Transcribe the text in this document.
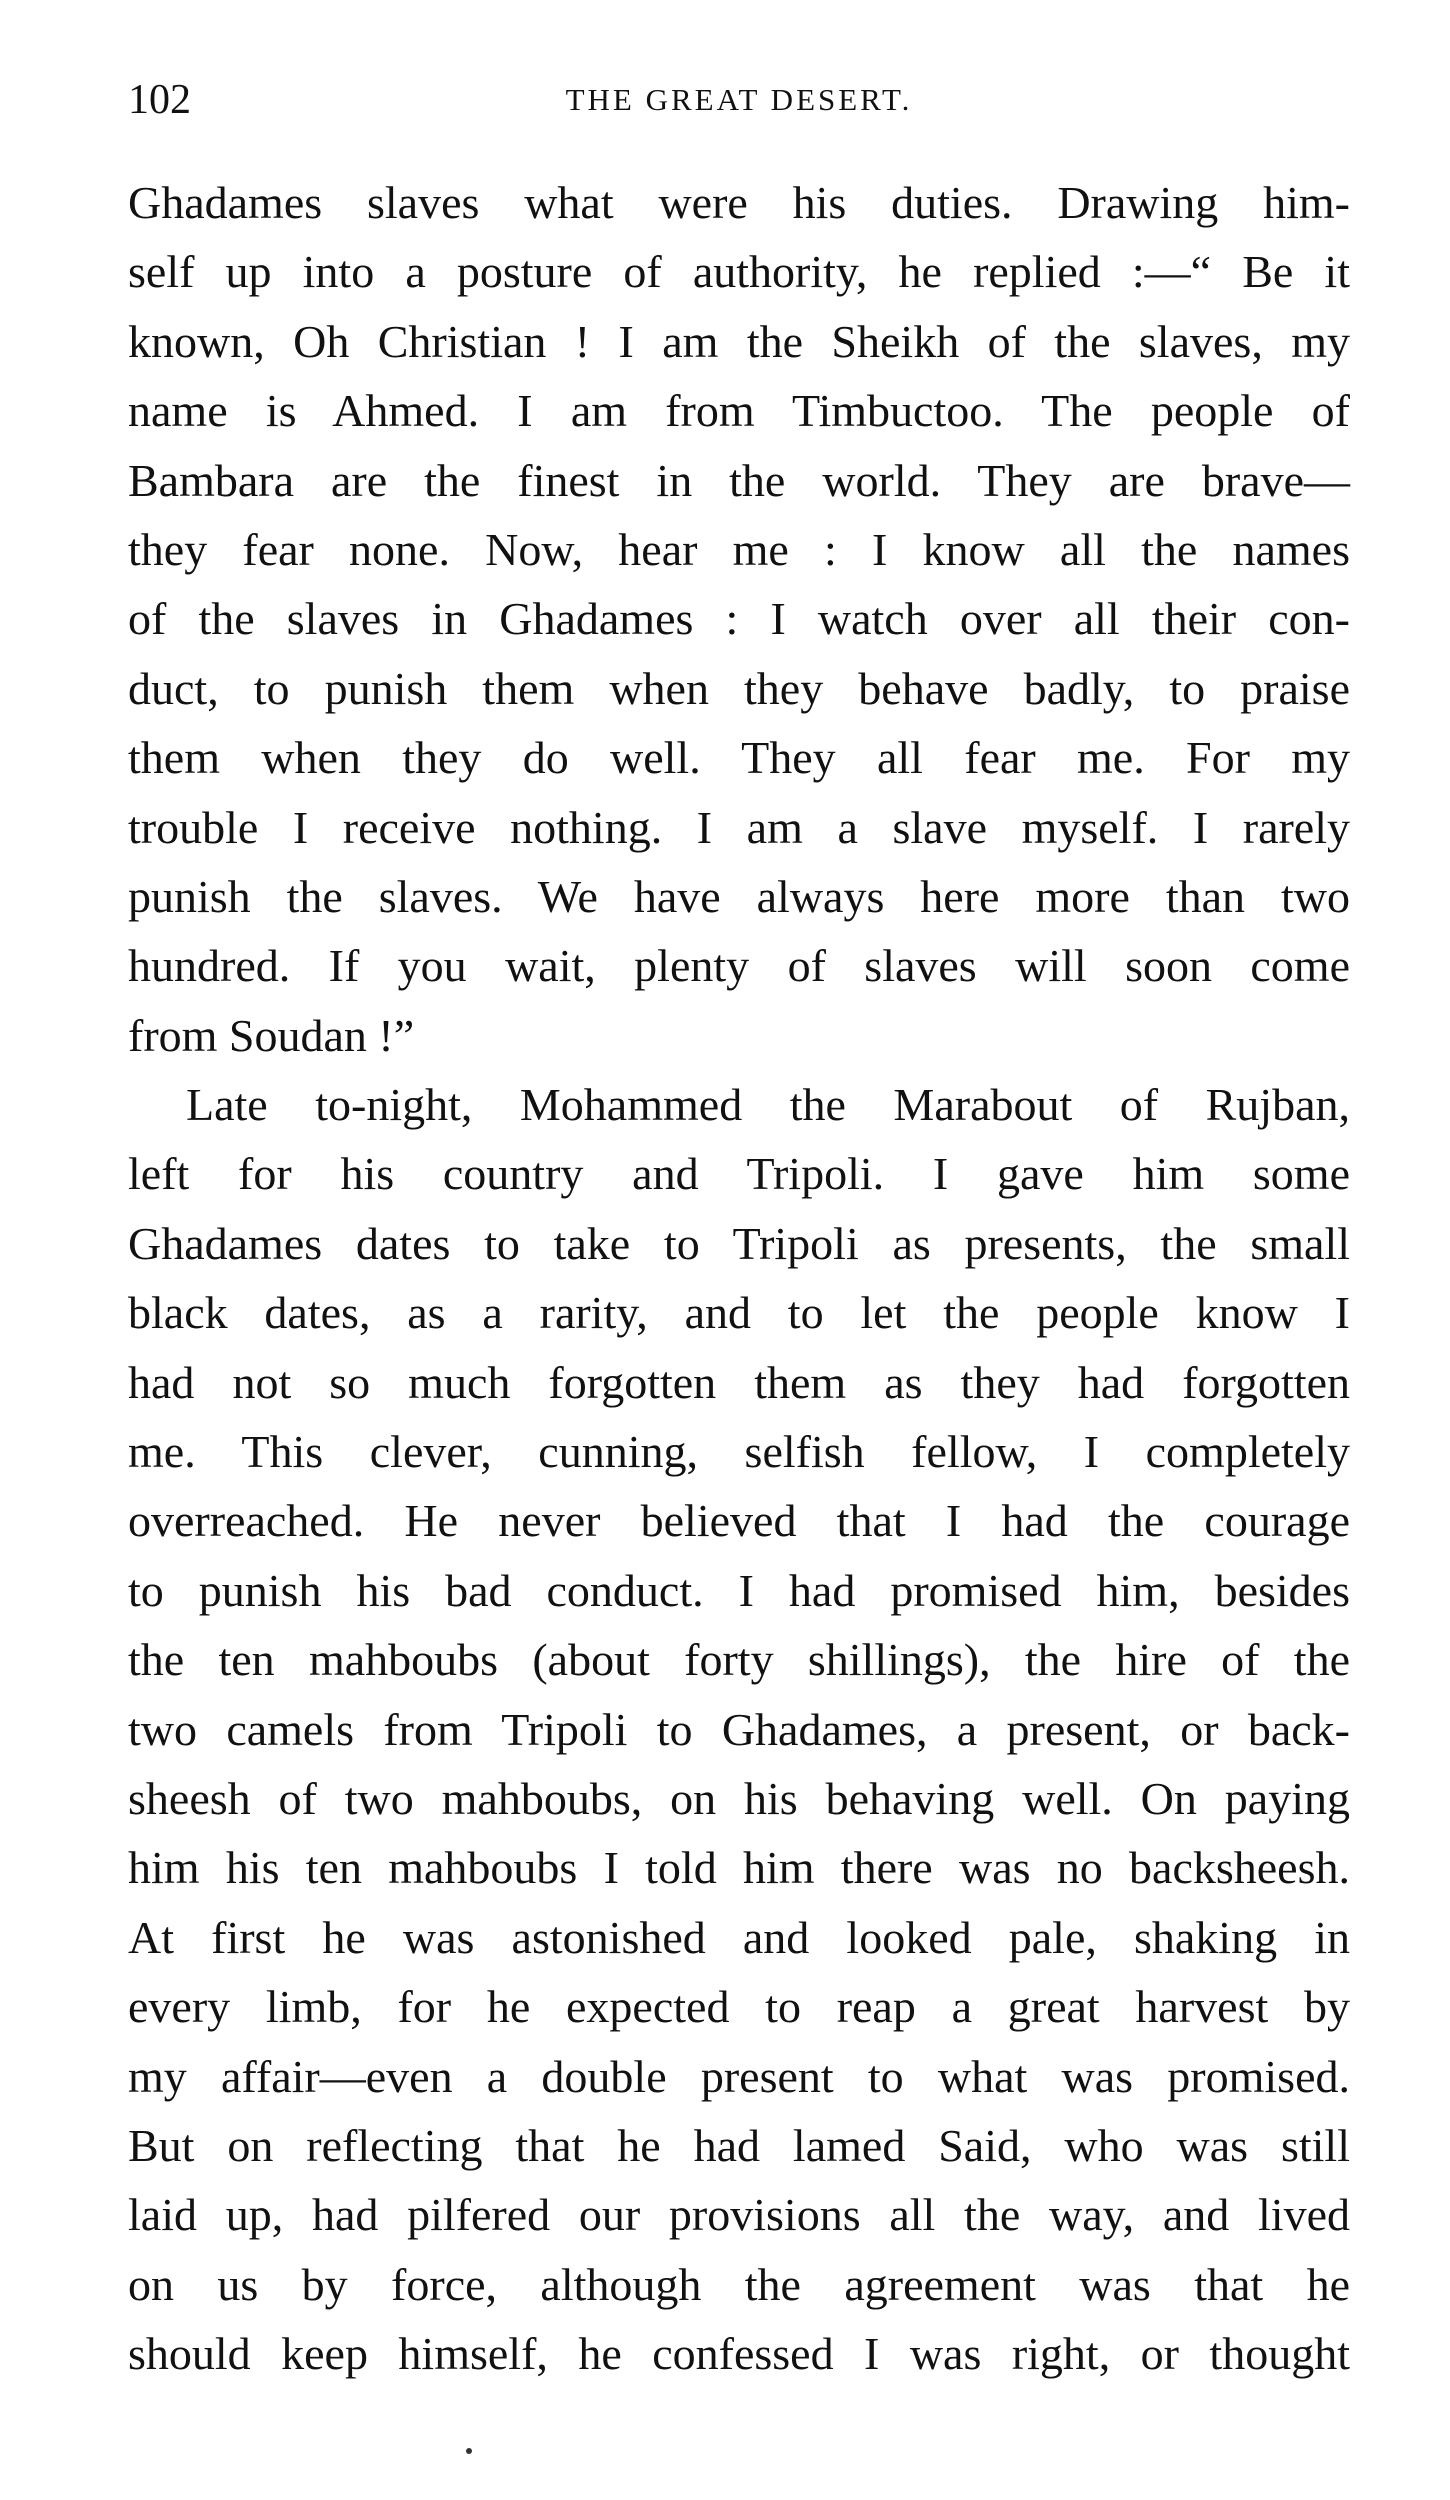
102	THE GREAT DESERT.
Ghadames slaves what were his duties. Drawing him-
self up into a posture of authority, he replied :—“ Be it
known, Oh Christian ! I am the Sheikh of the slaves, my
name is Ahmed. I am from Timbuctoo. The people of
Bambara are the finest in the world. They are brave—
they fear none. Now, hear me : I know all the names
of the slaves in Ghadames : I watch over all their con-
duct, to punish them when they behave badly, to praise
them when they do well. They all fear me. For my
trouble I receive nothing. I am a slave myself. I rarely
punish the slaves. We have always here more than two
hundred. If you wait, plenty of slaves will soon come
from Soudan !”
Late to-night, Mohammed the Marabout of Rujban,
left for his country and Tripoli. I gave him some
Ghadames dates to take to Tripoli as presents, the small
black dates, as a rarity, and to let the people know I
had not so much forgotten them as they had forgotten
me. This clever, cunning, selfish fellow, I completely
overreached. He never believed that I had the courage
to punish his bad conduct. I had promised him, besides
the ten mahboubs (about forty shillings), the hire of the
two camels from Tripoli to Ghadames, a present, or back-
sheesh of two mahboubs, on his behaving well. On paying
him his ten mahboubs I told him there was no backsheesh.
At first he was astonished and looked pale, shaking in
every limb, for he expected to reap a great harvest by
my affair—even a double present to what was promised.
But on reflecting that he had lamed Said, who was still
laid up, had pilfered our provisions all the way, and lived
on us by force, although the agreement was that he
should keep himself, he confessed I was right, or thought
